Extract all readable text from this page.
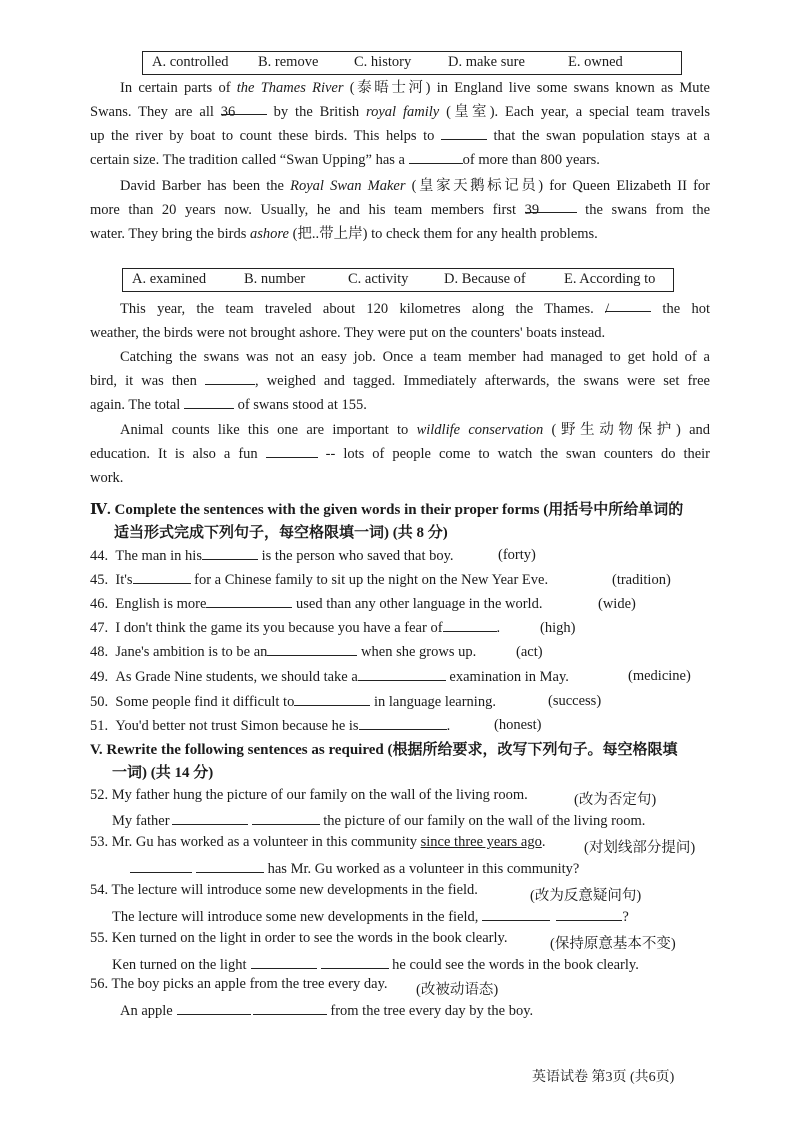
A. controlled B. remove C. history	D. make sure	E. owned
In certain parts of the Thames River (泰晤士河) in England live some swans known as Mute
Swans. They are all 36 by the British royal family (皇室). Each year, a special team travels
up the river by boat to count these birds. This helps to	that the swan population stays at a
certain size. The tradition called “Swan Upping” has a	of more than 800 years.
David Barber has been the Royal Swan Maker (皇家天鹅标记员) for Queen Elizabeth II for
more than 20 years now. Usually, he and his team members first 39	the swans from the
water. They bring the birds ashore (把..带上岸) to check them for any health problems.
A. examined	B. number	C. activity D. Because of	E. According to
This year, the team traveled about 120 kilometres along the Thames. /	the hot
weather, the birds were not brought ashore. They were put on the counters' boats instead.
Catching the swans was not an easy job. Once a team member had managed to get hold of a
bird, it was then	, weighed and tagged. Immediately afterwards, the swans were set free
again. The total	of swans stood at 155.
Animal counts like this one are important to wildlife conservation (野生动物保护) and
education. It is also a fun	-- lots of people come to watch the swan counters do their
work.
Ⅳ. Complete the sentences with the given words in their proper forms (用括号中所给单词的
适当形式完成下列句子，每空格限填一词) (共 8 分)
44. The man in his	is the person who saved that boy.	(forty)
45. It's	for a Chinese family to sit up the night on the New Year Eve.	(tradition)
46. English is more	used than any other language in the world.	(wide)
47. I don't think the game its you because you have a fear of	.	(high)
48. Jane's ambition is to be an	when she grows up.	(act)
49. As Grade Nine students, we should take a	examination in May.	(medicine)
50. Some people find it difficult to	in language learning.	(success)
51. You'd better not trust Simon because he is	.	(honest)
V. Rewrite the following sentences as required (根据所给要求，改写下列句子。每空格限填
一词) (共 14 分)
52. My father hung the picture of our family on the wall of the living room.	(改为否定句)
My father	the picture of our family on the wall of the living room.
53. Mr. Gu has worked as a volunteer in this community since three years ago.	(对划线部分提问)
has Mr. Gu worked as a volunteer in this community?
54. The lecture will introduce some new developments in the field.	(改为反意疑问句)
The lecture will introduce some new developments in the field,	?
55. Ken turned on the light in order to see the words in the book clearly.	(保持原意基本不变)
Ken turned on the light	he could see the words in the book clearly.
56. The boy picks an apple from the tree every day. (改被动语态)
An apple	from the tree every day by the boy.
英语试卷 第3页 (共6页)
